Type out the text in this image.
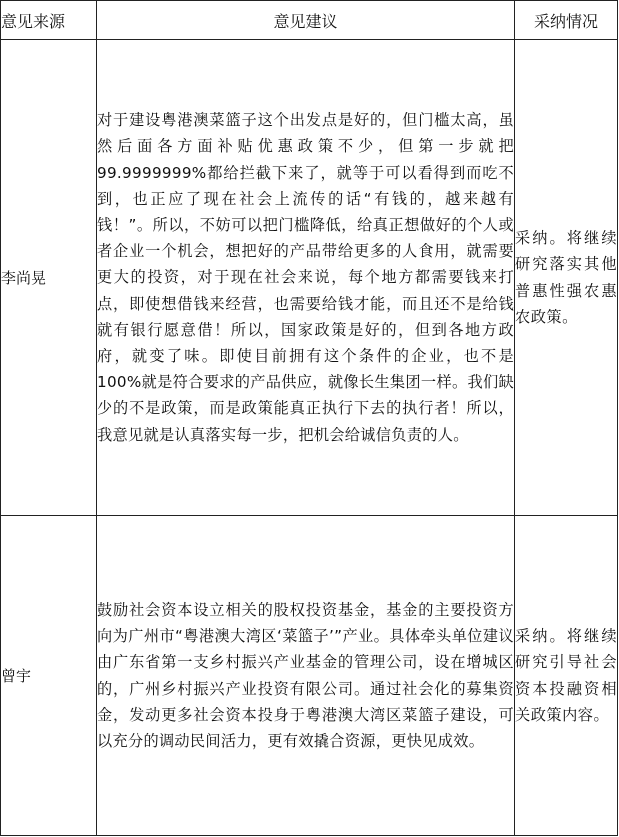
意见来源	意见建议	采纳情况
李尚晃	对于建设粤港澳菜篮子这个出发点是好的，但门槛太高，虽然后面各方面补贴优惠政策不少，但第一步就把 99.9999999%都给拦截下来了，就等于可以看得到而吃不到，也正应了现在社会上流传的话“有钱的，越来越有钱！”。所以，不妨可以把门槛降低，给真正想做好的个人或者企业一个机会，想把好的产品带给更多的人食用，就需要更大的投资，对于现在社会来说，每个地方都需要钱来打点，即使想借钱来经营，也需要给钱才能，而且还不是给钱就有银行愿意借！所以，国家政策是好的，但到各地方政府，就变了味。即使目前拥有这个条件的企业，也不是 100%就是符合要求的产品供应，就像长生集团一样。我们缺少的不是政策，而是政策能真正执行下去的执行者！所以，我意见就是认真落实每一步，把机会给诚信负责的人。	采纳。将继续研究落实其他普惠性强农惠农政策。
曾宇	鼓励社会资本设立相关的股权投资基金，基金的主要投资方向为广州市“粤港澳大湾区‘菜篮子’”产业。具体牵头单位建议由广东省第一支乡村振兴产业基金的管理公司，设在增城区的，广州乡村振兴产业投资有限公司。通过社会化的募集资金，发动更多社会资本投身于粤港澳大湾区菜篮子建设，可以充分的调动民间活力，更有效撬合资源，更快见成效。	采纳。将继续研究引导社会资本投融资相关政策内容。
